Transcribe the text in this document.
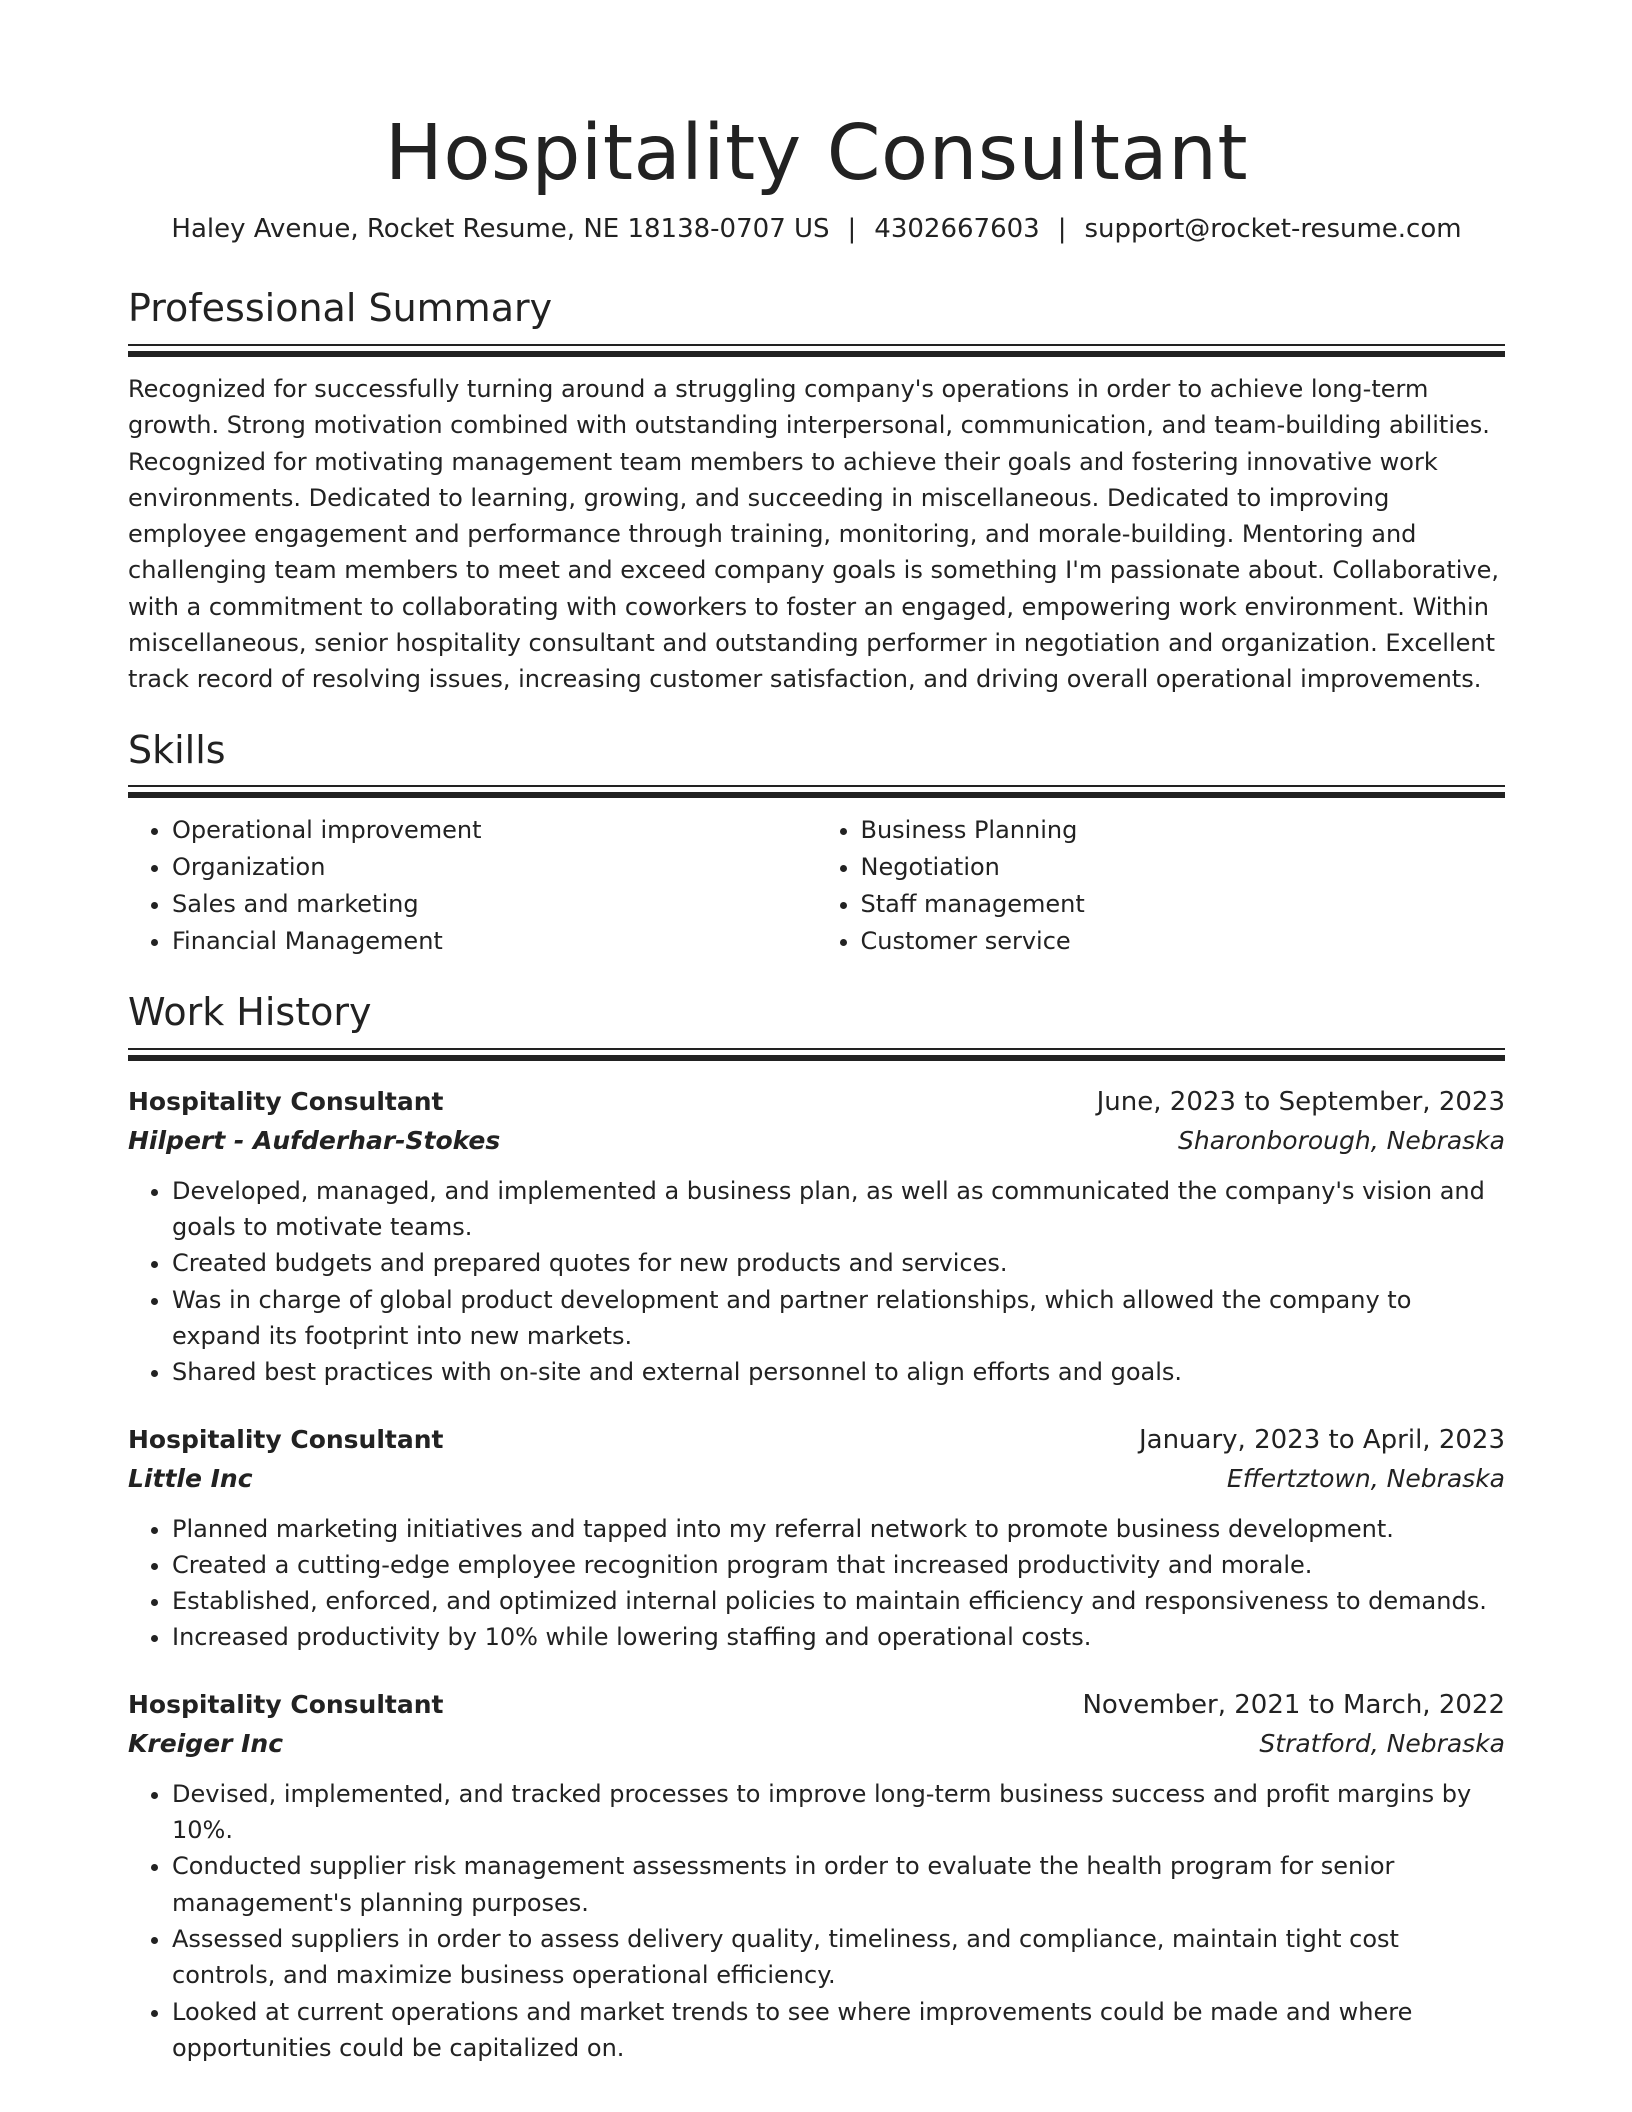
Hospitality Consultant
Haley Avenue, Rocket Resume, NE 18138-0707 US | 4302667603 | support@rocket-resume.com
Professional Summary

Recognized for successfully turning around a struggling company's operations in order to achieve long-term growth. Strong motivation combined with outstanding interpersonal, communication, and team-building abilities. Recognized for motivating management team members to achieve their goals and fostering innovative work environments. Dedicated to learning, growing, and succeeding in miscellaneous. Dedicated to improving employee engagement and performance through training, monitoring, and morale-building. Mentoring and challenging team members to meet and exceed company goals is something I'm passionate about. Collaborative, with a commitment to collaborating with coworkers to foster an engaged, empowering work environment. Within miscellaneous, senior hospitality consultant and outstanding performer in negotiation and organization. Excellent track record of resolving issues, increasing customer satisfaction, and driving overall operational improvements.

Skills
• Operational improvement
• Organization
• Sales and marketing
• Financial Management
• Business Planning
• Negotiation
• Staff management
• Customer service
Work History
Hospitality Consultant	June, 2023 to September, 2023
Hilpert - Aufderhar-Stokes	Sharonborough, Nebraska
• Developed, managed, and implemented a business plan, as well as communicated the company's vision and goals to motivate teams.
• Created budgets and prepared quotes for new products and services.
• Was in charge of global product development and partner relationships, which allowed the company to expand its footprint into new markets.
• Shared best practices with on-site and external personnel to align efforts and goals.
Hospitality Consultant	January, 2023 to April, 2023
Little Inc	Effertztown, Nebraska
• Planned marketing initiatives and tapped into my referral network to promote business development.
• Created a cutting-edge employee recognition program that increased productivity and morale.
• Established, enforced, and optimized internal policies to maintain efficiency and responsiveness to demands.
• Increased productivity by 10% while lowering staffing and operational costs.
Hospitality Consultant	November, 2021 to March, 2022
Kreiger Inc	Stratford, Nebraska
• Devised, implemented, and tracked processes to improve long-term business success and profit margins by 10%.
• Conducted supplier risk management assessments in order to evaluate the health program for senior management's planning purposes.
• Assessed suppliers in order to assess delivery quality, timeliness, and compliance, maintain tight cost controls, and maximize business operational efficiency.
• Looked at current operations and market trends to see where improvements could be made and where opportunities could be capitalized on.
